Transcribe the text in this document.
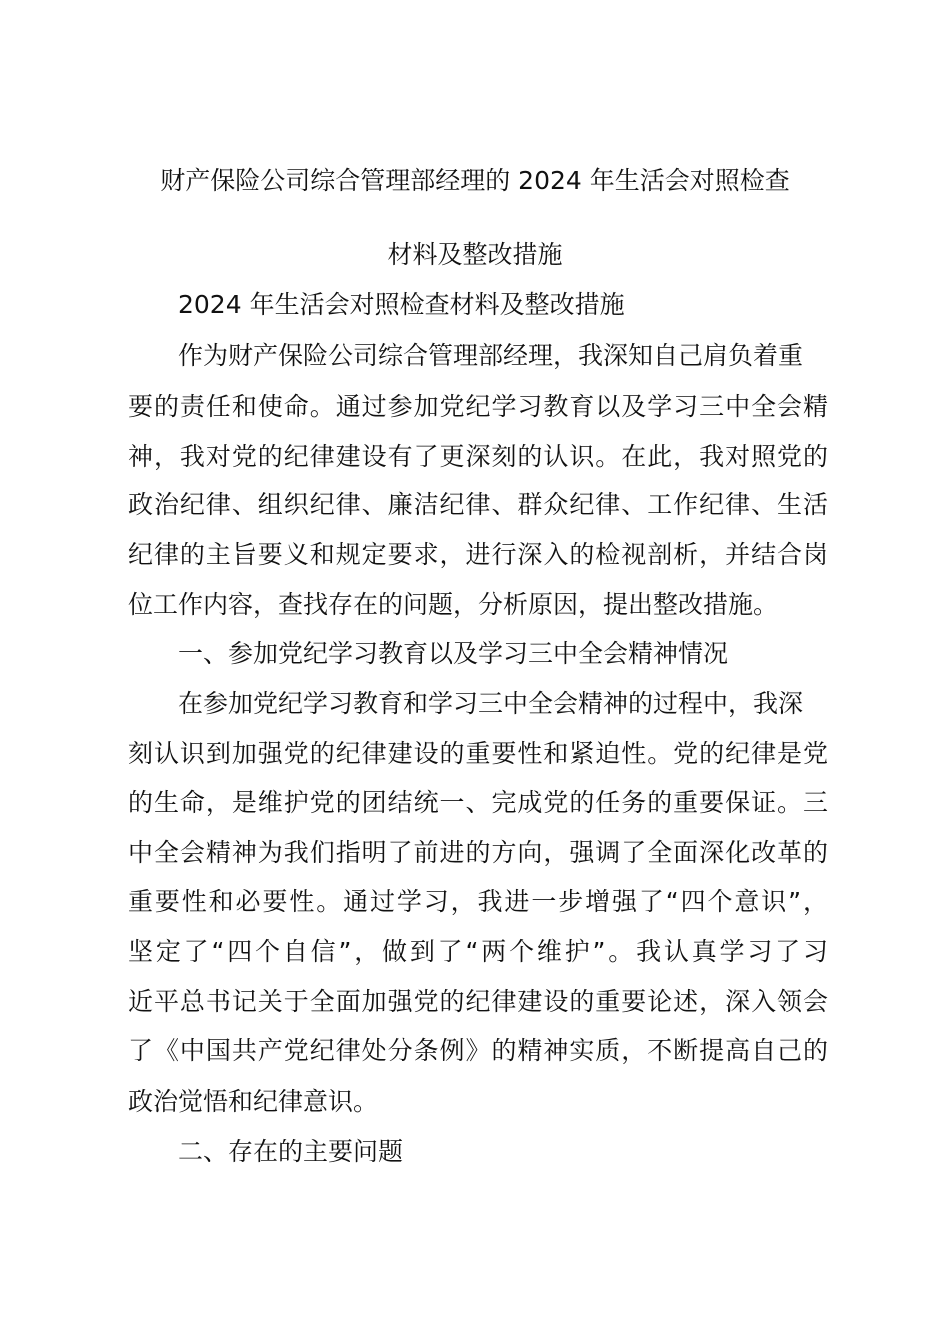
财产保险公司综合管理部经理的 2024 年生活会对照检查
材料及整改措施
2024 年生活会对照检查材料及整改措施
作为财产保险公司综合管理部经理，我深知自己肩负着重
要的责任和使命。通过参加党纪学习教育以及学习三中全会精
神，我对党的纪律建设有了更深刻的认识。在此，我对照党的
政治纪律、组织纪律、廉洁纪律、群众纪律、工作纪律、生活
纪律的主旨要义和规定要求，进行深入的检视剖析，并结合岗
位工作内容，查找存在的问题，分析原因，提出整改措施。
一、参加党纪学习教育以及学习三中全会精神情况
在参加党纪学习教育和学习三中全会精神的过程中，我深
刻认识到加强党的纪律建设的重要性和紧迫性。党的纪律是党
的生命，是维护党的团结统一、完成党的任务的重要保证。三
中全会精神为我们指明了前进的方向，强调了全面深化改革的
重要性和必要性。通过学习，我进一步增强了“四个意识”，
坚定了“四个自信”，做到了“两个维护”。我认真学习了习
近平总书记关于全面加强党的纪律建设的重要论述，深入领会
了《中国共产党纪律处分条例》的精神实质，不断提高自己的
政治觉悟和纪律意识。
二、存在的主要问题
